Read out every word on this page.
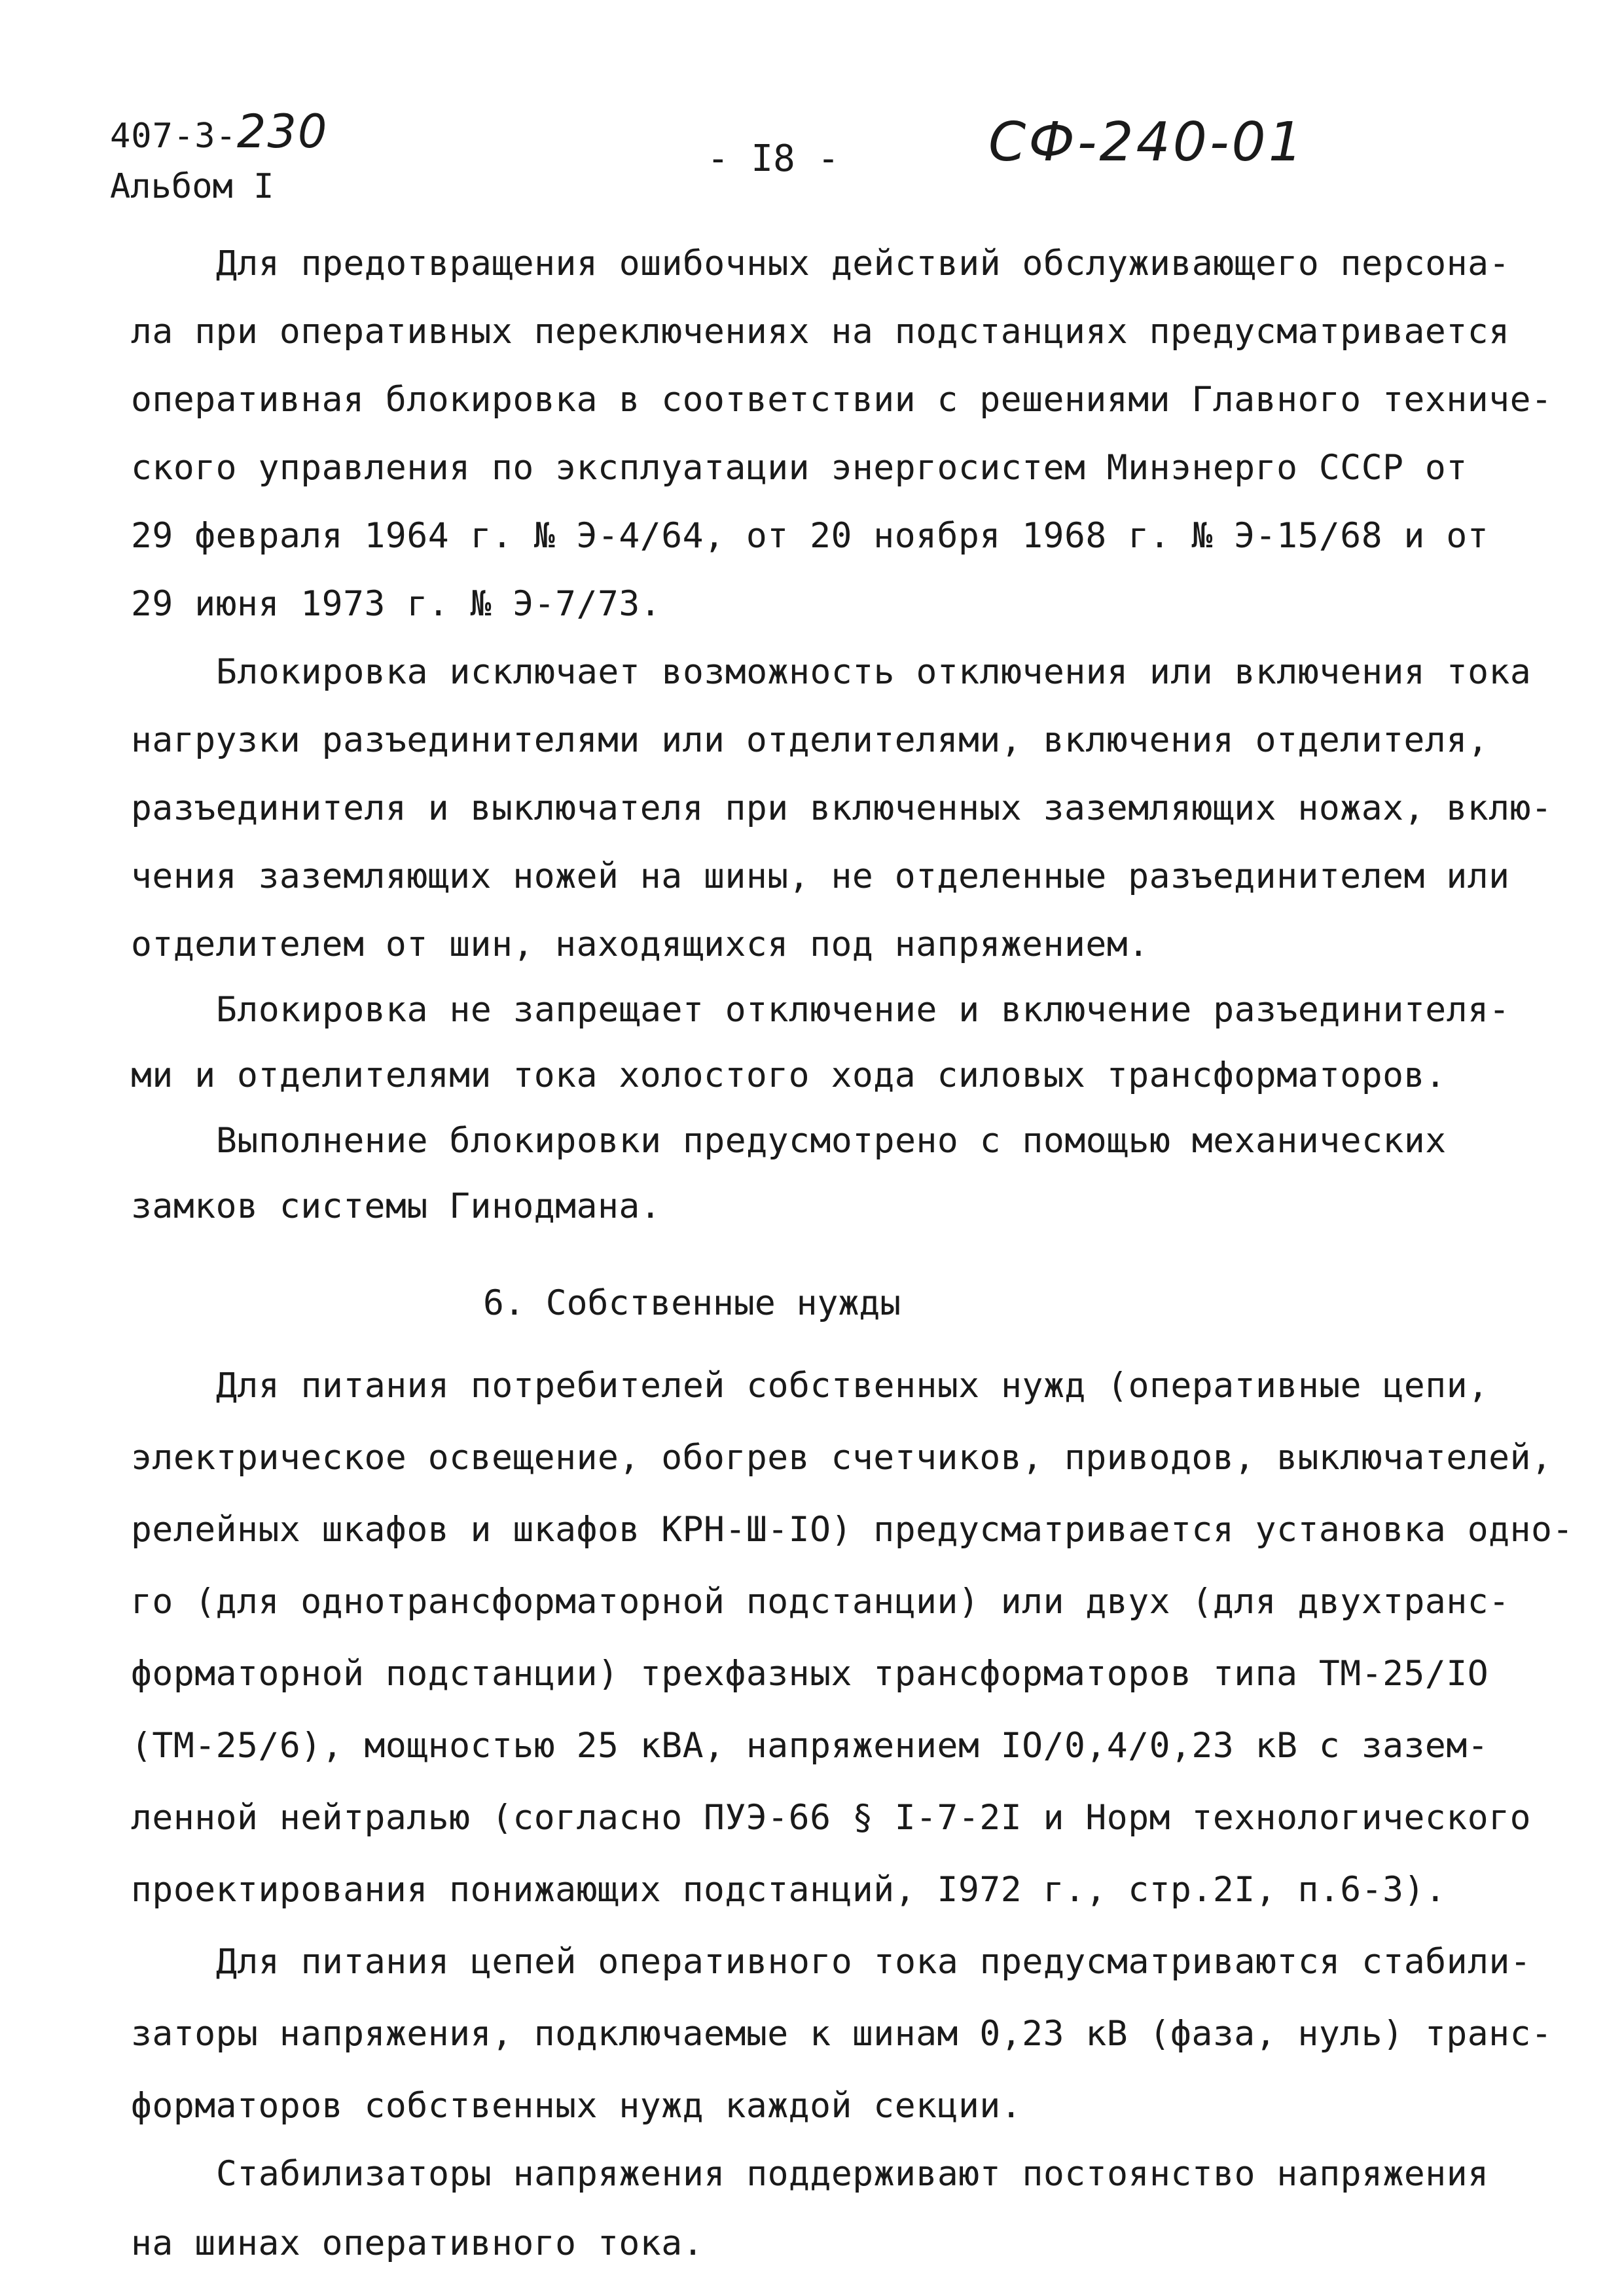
407-3-230
Альбом I
- I8 -	СФ-240-01
Для предотвращения ошибочных действий обслуживающего персона-
ла при оперативных переключениях на подстанциях предусматривается
оперативная блокировка в соответствии с решениями Главного техниче-
ского управления по эксплуатации энергосистем Минэнерго СССР от
29 февраля 1964 г. № Э-4/64, от 20 ноября 1968 г. № Э-15/68 и от
29 июня 1973 г. № Э-7/73.
Блокировка исключает возможность отключения или включения тока
нагрузки разъединителями или отделителями, включения отделителя,
разъединителя и выключателя при включенных заземляющих ножах, вклю-
чения заземляющих ножей на шины, не отделенные разъединителем или
отделителем от шин, находящихся под напряжением.
Блокировка не запрещает отключение и включение разъединителя-
ми и отделителями тока холостого хода силовых трансформаторов.
Выполнение блокировки предусмотрено с помощью механических
замков системы Гинодмана.
6. Собственные нужды
Для питания потребителей собственных нужд (оперативные цепи,
электрическое освещение, обогрев счетчиков, приводов, выключателей,
релейных шкафов и шкафов КРН-Ш-IO) предусматривается установка одно-
го (для однотрансформаторной подстанции) или двух (для двухтранс-
форматорной подстанции) трехфазных трансформаторов типа ТМ-25/IO
(ТМ-25/6), мощностью 25 кВА, напряжением IO/0,4/0,23 кВ с зазем-
ленной нейтралью (согласно ПУЭ-66 § I-7-2I и Норм технологического
проектирования понижающих подстанций, I972 г., стр.2I, п.6-3).
Для питания цепей оперативного тока предусматриваются стабили-
заторы напряжения, подключаемые к шинам 0,23 кВ (фаза, нуль) транс-
форматоров собственных нужд каждой секции.
Стабилизаторы напряжения поддерживают постоянство напряжения
на шинах оперативного тока.
